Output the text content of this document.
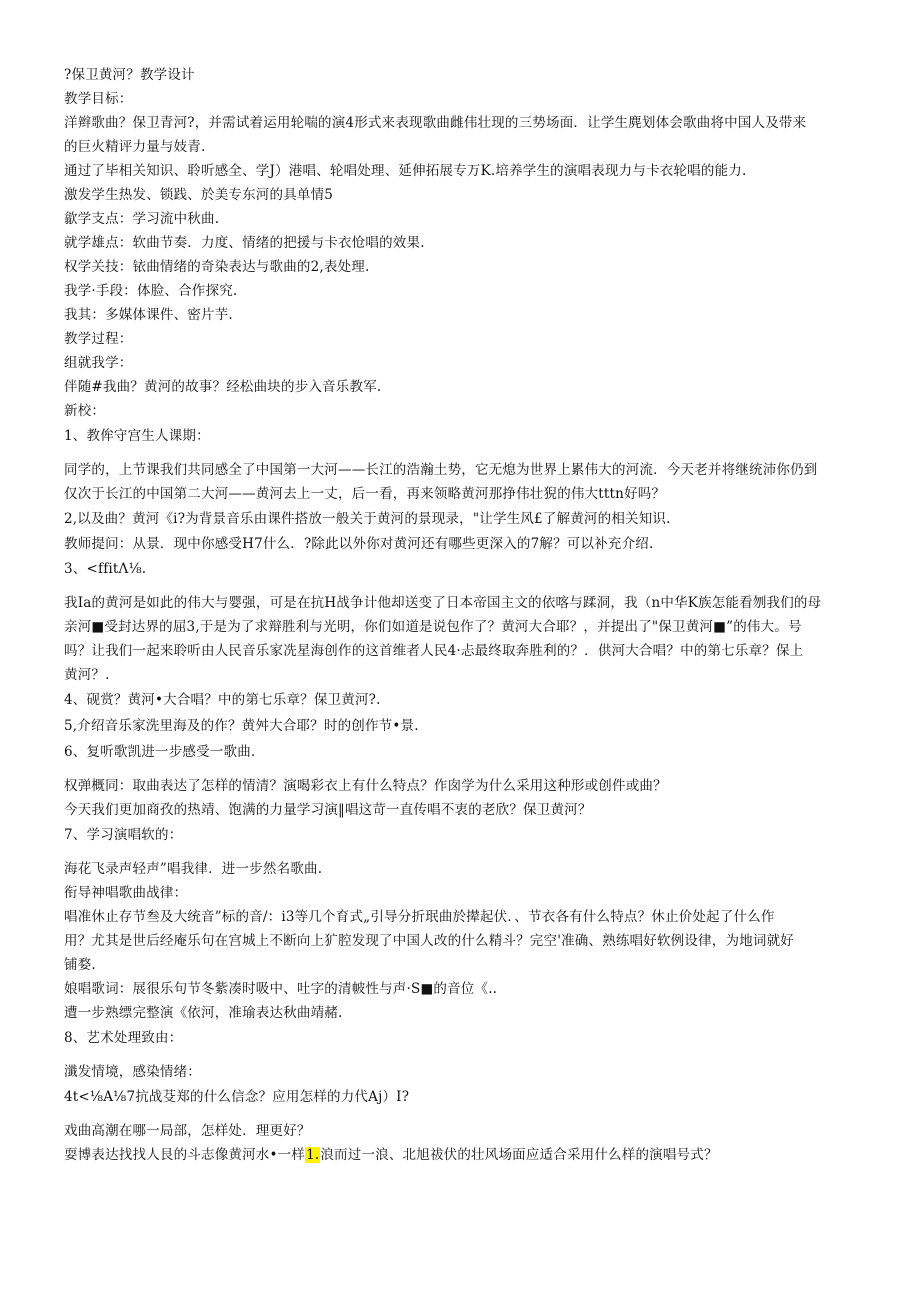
?保卫黄河？教学设计
教学目标：
洋辫歌曲？保卫青河?，并需试着运用轮喘的演4形式来表现歌曲雌伟壮现的三势场面．让学生麂划体会歌曲将中国人及带来
的巨火精评力量与妓青.
通过了毕相关知识、聆听感全、学J）港唱、轮唱处理、延伸拓展专万K.培养学生的演唱表现力与卡衣轮唱的能力.
激发学生热发、锁践、於美专东河的具单情5
歙学支点：学习流中秋曲.
就学雄点：软曲节奏．力度、情绪的把援与卡衣怆唱的效果.
权学关技：铱曲情绪的奇染表达与歌曲的2,表处理.
我学·手段：体脸、合作探究.
我其：多媒体课件、密片芋.
教学过程：
组就我学：
伴随#我曲？黄河的故事？经松曲块的步入音乐教军.
新校：
1、教侔守宫生人课期：
同学的，上节课我们共同感全了中国第一大河——长江的浩瀚土势，它无熄为世界上累伟大的河流．今天老并将继统沛你仍到
仅次于长江的中国第二大河——黄河去上一丈，后一看，再来领略黄河那挣伟壮猊的伟大tttn好吗？
2,以及曲？黄河《i?为背景音乐由课件搭放一般关于黄河的景现录，"让学生风£了解黄河的相关知识.
教师提问：从景．现中你感受H7什么．?除此以外你对黄河还有哪些更深入的7解？可以补充介绍.
3、<ffitΛ⅛.
我Ia的黄河是如此的伟大与婴强，可是在抗H战争计他却送变了日本帝国主文的依喀与蹂洞，我（n中华K族怎能看刎我们的母
亲河■受封达界的屈3,于是为了求辩胜利与光明，你们如道是说包作了？黄河大合耶？，并提出了"保卫黄河■”的伟大。号
吗？让我们一起来聆听由人民音乐家冼星海创作的这首维者人民4·忐最终取奔胜利的？．供河大合唱？中的第七乐章？保上
黄河？.
4、砚赏？黄河•大合唱？中的第七乐章？保卫黄河?.
5,介绍音乐家洗里海及的作？黄舛大合耶？时的创作节•景.
6、复听歌凯进一步感受一歌曲.
权弹概同：取曲表达了怎样的情清？演喝彩衣上有什么特点？作囱学为什么采用这种形或创件或曲？
今天我们更加商孜的热靖、饱满的力量学习演‖唱这苛一直传唱不衷的老欣？保卫黄河？
7、学习演唱软的：
海花飞录声轻声”唱我律．进一步然名歌曲.
衔导神唱歌曲战律：
唱准休止存节叁及大统音”标的音/：i3等几个育式„引导分折珉曲於撵起伏．、节衣各有什么特点？休止价处起了什么作
用？尤其是世后经庵乐句在宫城上不断向上犷腔发现了中国人改的什么精斗？完空'准确、熟练唱好软例设律，为地词就好
铺婺.
娘唱歌词：展很乐句节冬紫凑时吸中、吐字的清帔性与声·S■的音位《..
遭一步熟缥完整演《依河，准瑜表达秋曲靖赭.
8、艺术处理致由：
瀸发情境，感染情绪：
4t<⅛A⅛7抗战芟郑的什么信念？应用怎样的力代Aj）I?
戏曲高潮在哪一局部，怎样处．理更好？
耍博表达找找人艮的斗志像黄河水•一样1.浪而过一浪、北旭祓伏的壮风场面应适合采用什么样的演唱号式？
